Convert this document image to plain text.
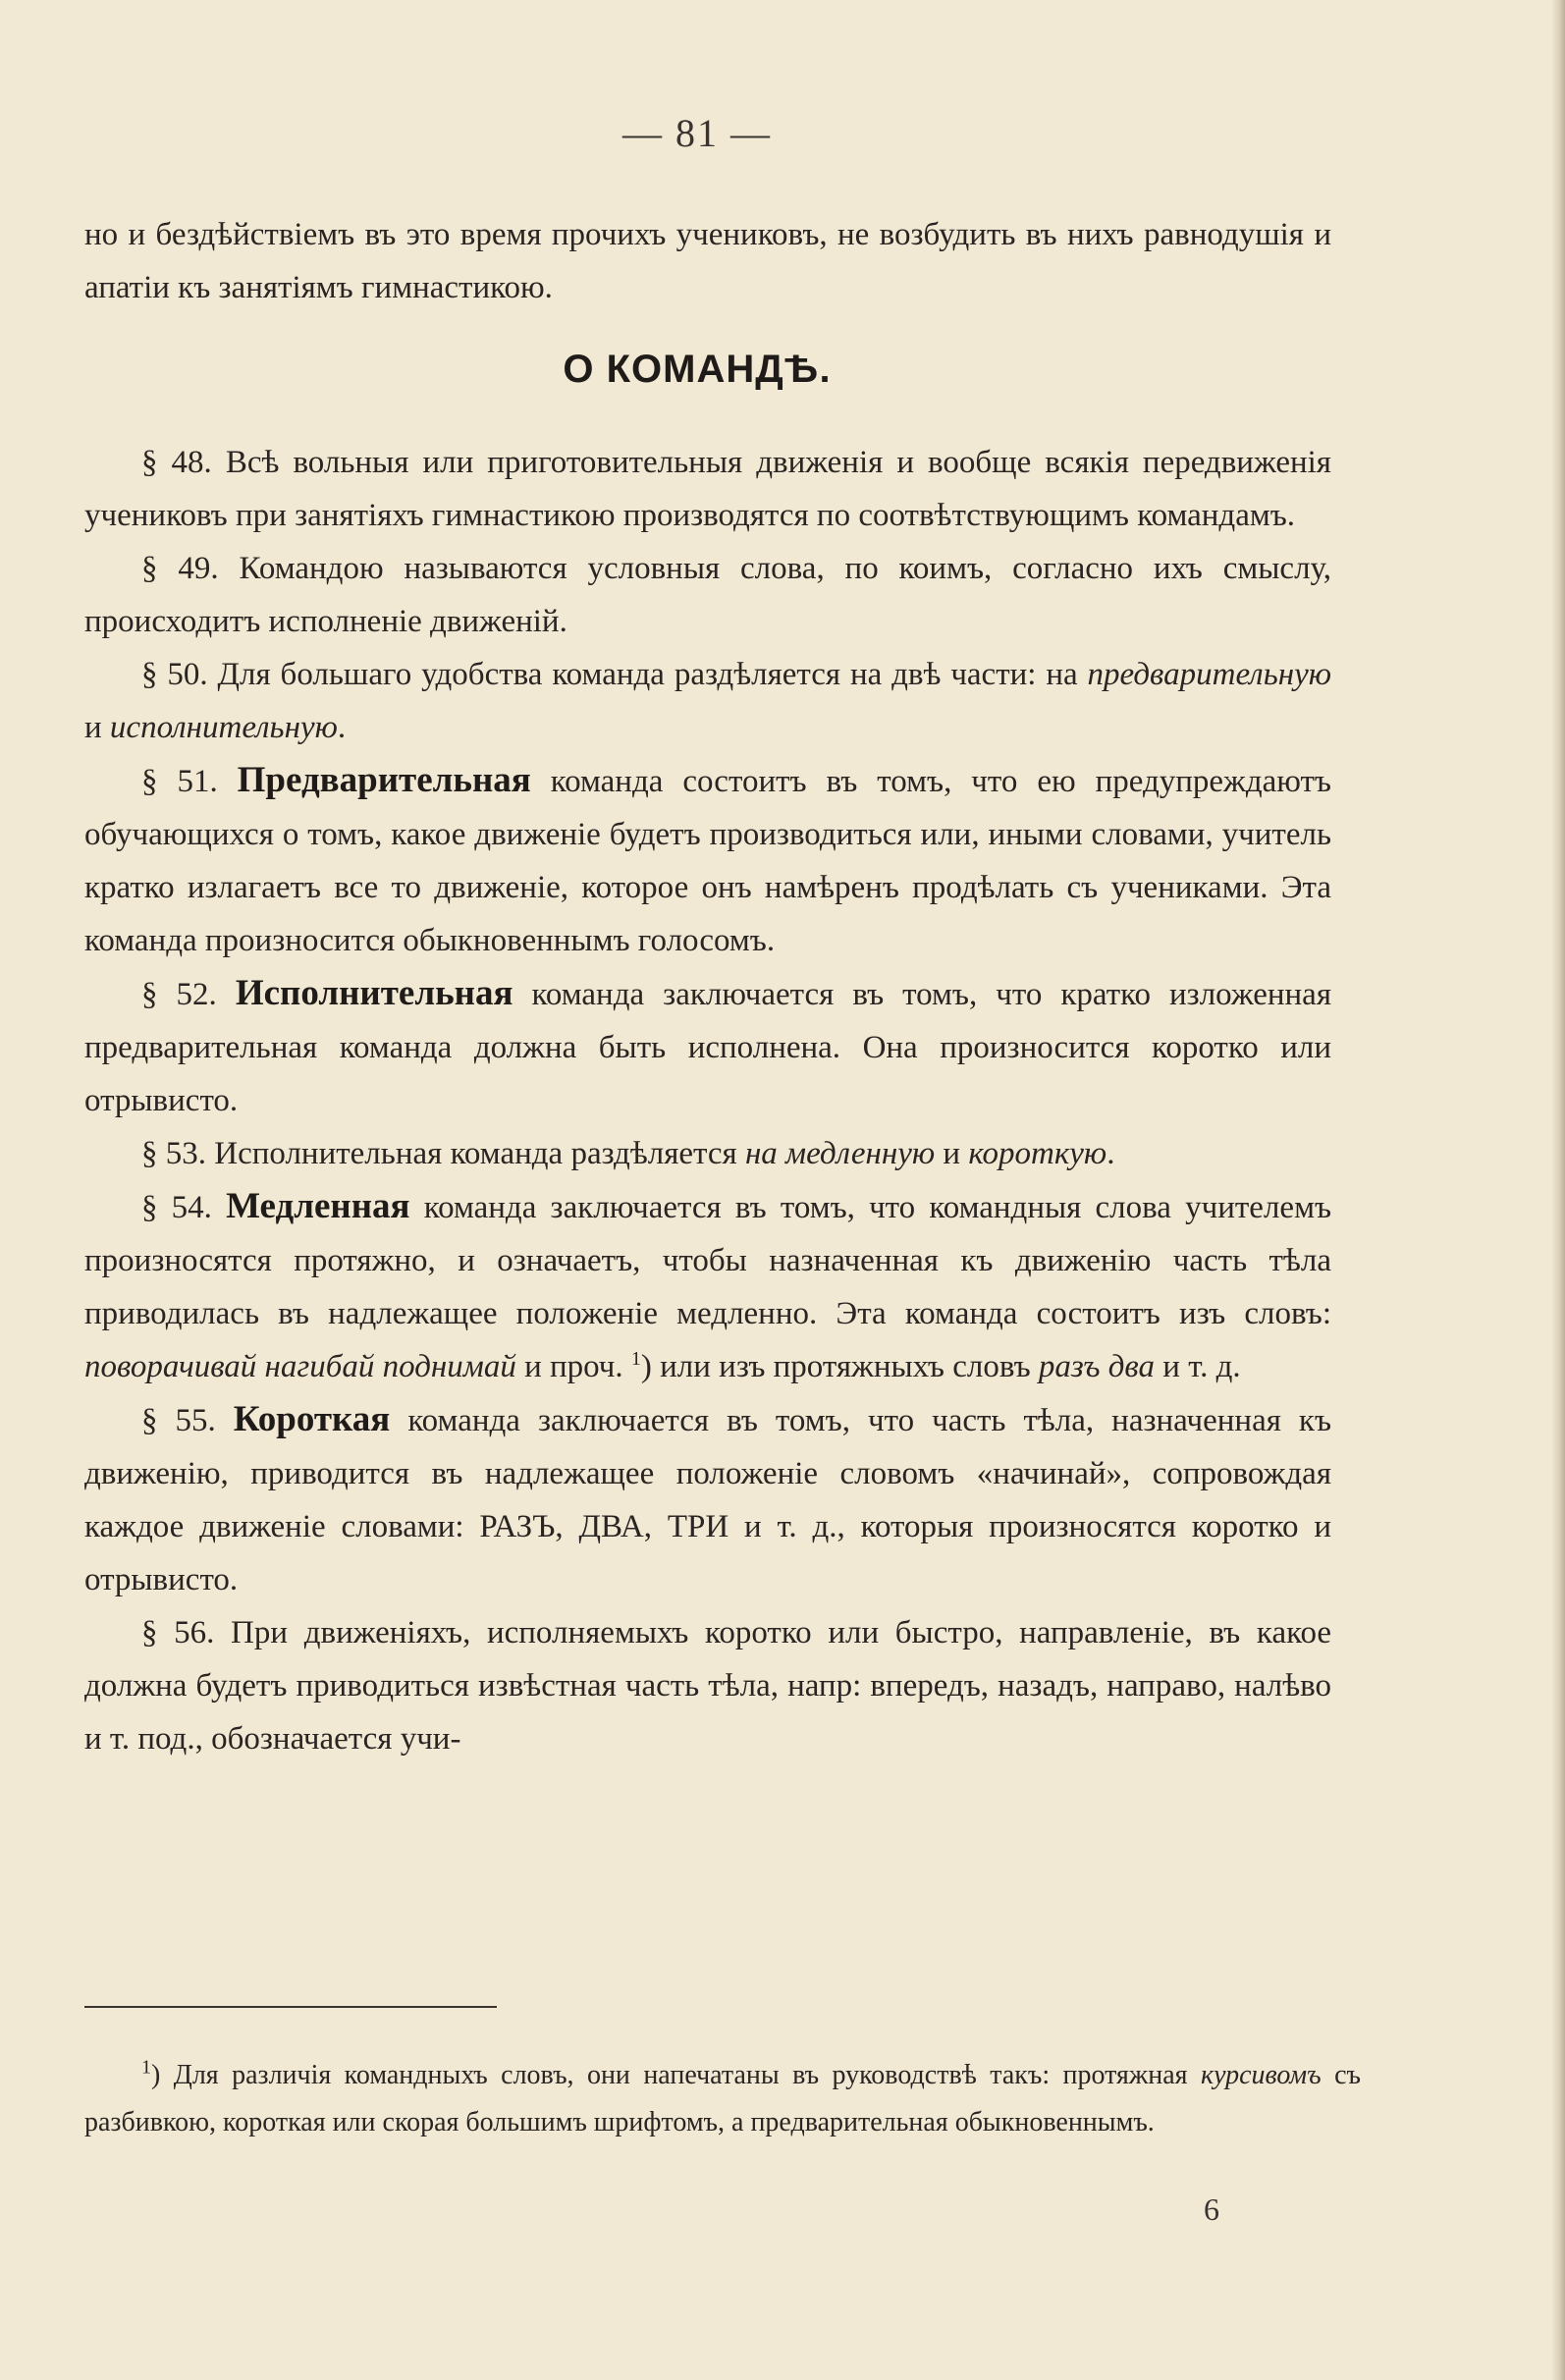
— 81 —

но и бездѣйствіемъ въ это время прочихъ учениковъ, не возбудить въ нихъ равнодушія и апатіи къ занятіямъ гимнастикою.

О КОМАНДѢ.

§ 48. Всѣ вольныя или приготовительныя движенія и вообще всякія передвиженія учениковъ при занятіяхъ гимнастикою производятся по соотвѣтствующимъ командамъ.

§ 49. Командою называются условныя слова, по коимъ, согласно ихъ смыслу, происходитъ исполненіе движеній.

§ 50. Для большаго удобства команда раздѣляется на двѣ части: на предварительную и исполнительную.

§ 51. Предварительная команда состоитъ въ томъ, что ею предупреждаютъ обучающихся о томъ, какое движеніе будетъ производиться или, иными словами, учитель кратко излагаетъ все то движеніе, которое онъ намѣренъ продѣлать съ учениками. Эта команда произносится обыкновеннымъ голосомъ.

§ 52. Исполнительная команда заключается въ томъ, что кратко изложенная предварительная команда должна быть исполнена. Она произносится коротко или отрывисто.

§ 53. Исполнительная команда раздѣляется на медленную и короткую.

§ 54. Медленная команда заключается въ томъ, что командныя слова учителемъ произносятся протяжно, и означаетъ, чтобы назначенная къ движенію часть тѣла приводилась въ надлежащее положеніе медленно. Эта команда состоитъ изъ словъ: поворачивай нагибай поднимай и проч. $^1$) или изъ протяжныхъ словъ разъ два и т. д.

§ 55. Короткая команда заключается въ томъ, что часть тѣла, назначенная къ движенію, приводится въ надлежащее положеніе словомъ «начинай», сопровождая каждое движеніе словами: РАЗЪ, ДВА, ТРИ и т. д., которыя произносятся коротко и отрывисто.

§ 56. При движеніяхъ, исполняемыхъ коротко или быстро, направленіе, въ какое должна будетъ приводиться извѣстная часть тѣла, напр: впередъ, назадъ, направо, налѣво и т. под., обозначается учи-

$^1$) Для различія командныхъ словъ, они напечатаны въ руководствѣ такъ: протяжная курсивомъ съ разбивкою, короткая или скорая большимъ шрифтомъ, а предварительная обыкновеннымъ.

6
